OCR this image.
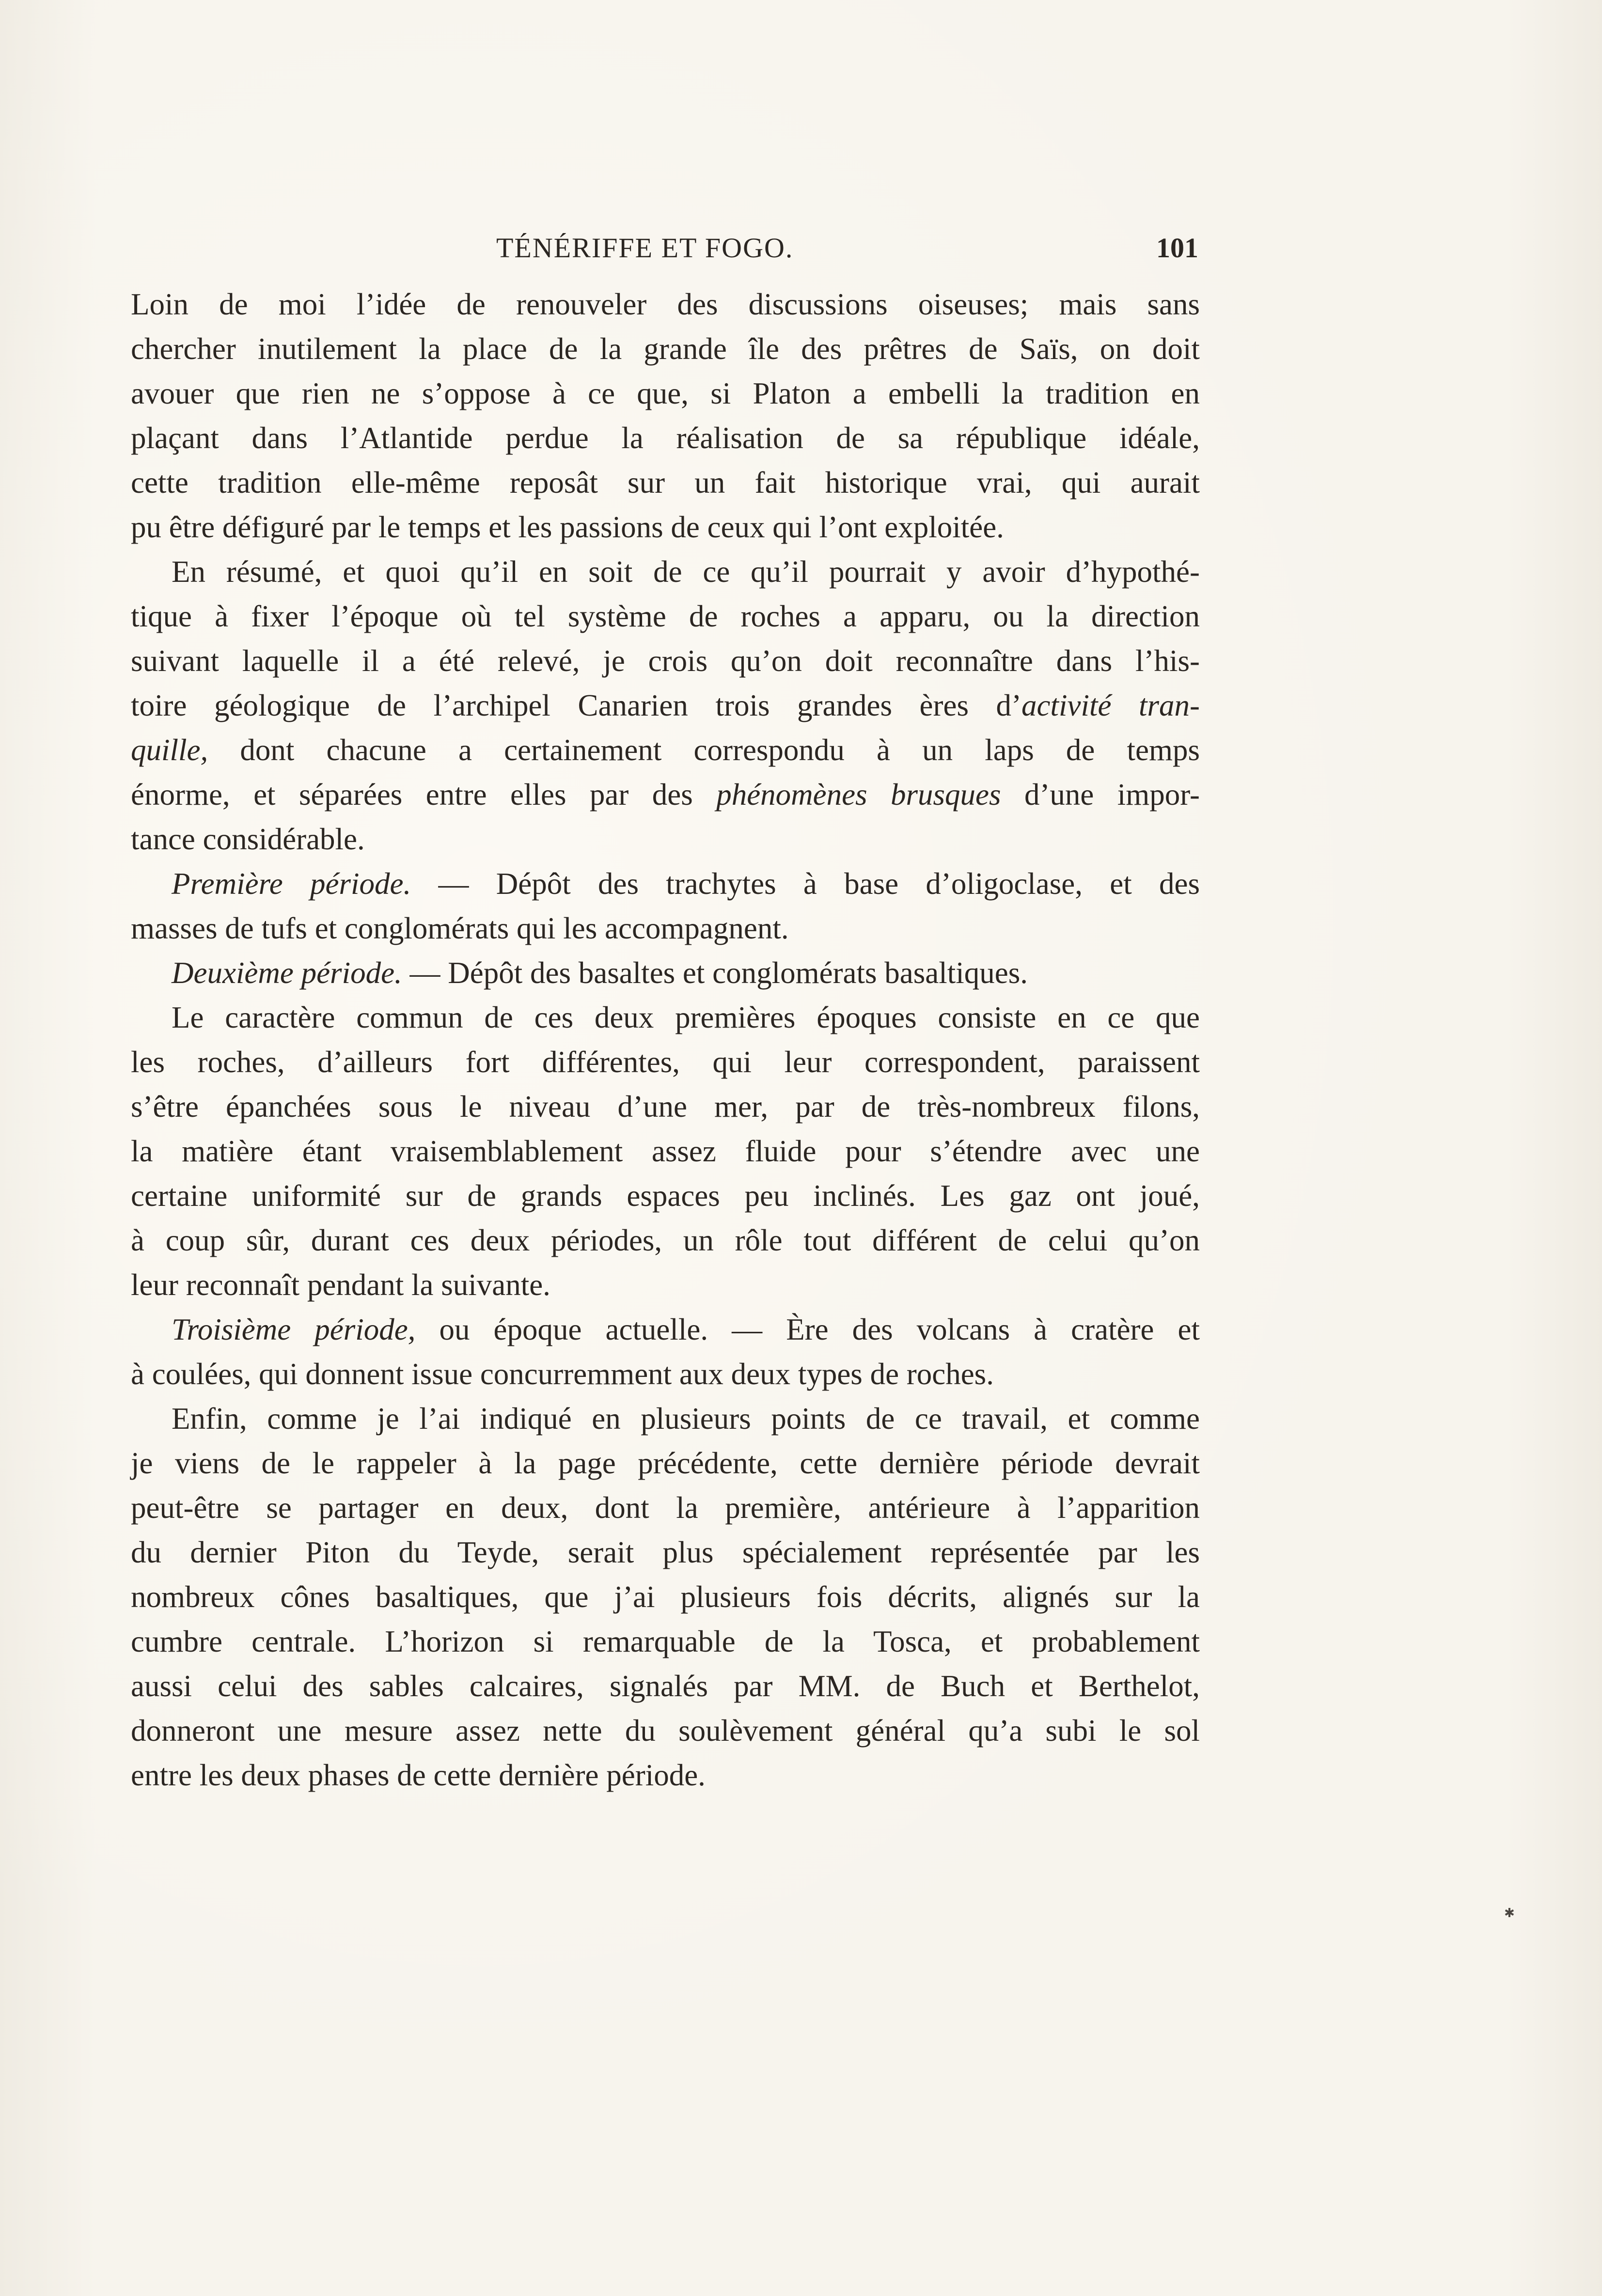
TÉNÉRIFFE ET FOGO.	101
Loin de moi l’idée de renouveler des discussions oiseuses; mais sans
chercher inutilement la place de la grande île des prêtres de Saïs, on doit
avouer que rien ne s’oppose à ce que, si Platon a embelli la tradition en
plaçant dans l’Atlantide perdue la réalisation de sa république idéale,
cette tradition elle-même reposât sur un fait historique vrai, qui aurait
pu être défiguré par le temps et les passions de ceux qui l’ont exploitée.
En résumé, et quoi qu’il en soit de ce qu’il pourrait y avoir d’hypothé-
tique à fixer l’époque où tel système de roches a apparu, ou la direction
suivant laquelle il a été relevé, je crois qu’on doit reconnaître dans l’his-
toire géologique de l’archipel Canarien trois grandes ères d’activité tran-
quille, dont chacune a certainement correspondu à un laps de temps
énorme, et séparées entre elles par des phénomènes brusques d’une impor-
tance considérable.
Première période. — Dépôt des trachytes à base d’oligoclase, et des
masses de tufs et conglomérats qui les accompagnent.
Deuxième période. — Dépôt des basaltes et conglomérats basaltiques.
Le caractère commun de ces deux premières époques consiste en ce que
les roches, d’ailleurs fort différentes, qui leur correspondent, paraissent
s’être épanchées sous le niveau d’une mer, par de très-nombreux filons,
la matière étant vraisemblablement assez fluide pour s’étendre avec une
certaine uniformité sur de grands espaces peu inclinés. Les gaz ont joué,
à coup sûr, durant ces deux périodes, un rôle tout différent de celui qu’on
leur reconnaît pendant la suivante.
Troisième période, ou époque actuelle. — Ère des volcans à cratère et
à coulées, qui donnent issue concurremment aux deux types de roches.
Enfin, comme je l’ai indiqué en plusieurs points de ce travail, et comme
je viens de le rappeler à la page précédente, cette dernière période devrait
peut-être se partager en deux, dont la première, antérieure à l’apparition
du dernier Piton du Teyde, serait plus spécialement représentée par les
nombreux cônes basaltiques, que j’ai plusieurs fois décrits, alignés sur la
cumbre centrale. L’horizon si remarquable de la Tosca, et probablement
aussi celui des sables calcaires, signalés par MM. de Buch et Berthelot,
donneront une mesure assez nette du soulèvement général qu’a subi le sol
entre les deux phases de cette dernière période.
✱
